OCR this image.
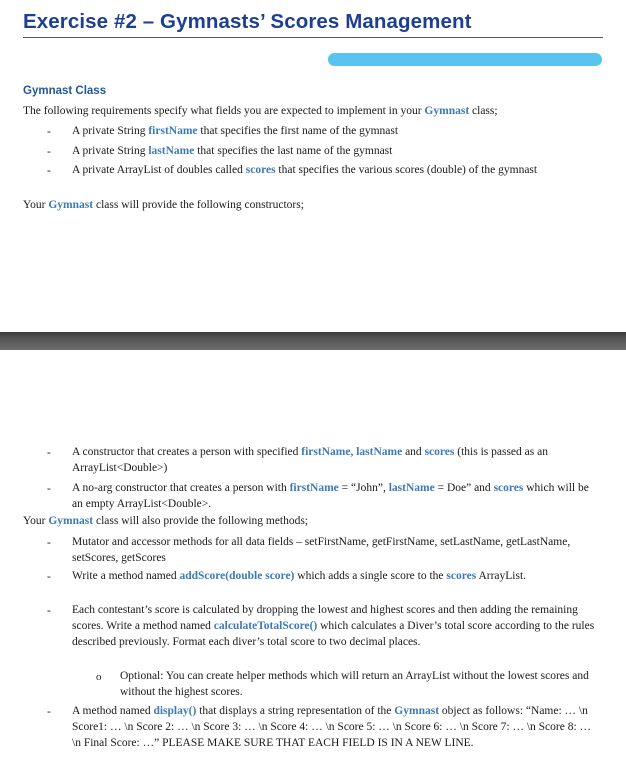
Exercise #2 – Gymnasts’ Scores Management
Gymnast Class
The following requirements specify what fields you are expected to implement in your Gymnast class;
- A private String firstName that specifies the first name of the gymnast
- A private String lastName that specifies the last name of the gymnast
- A private ArrayList of doubles called scores that specifies the various scores (double) of the gymnast
Your Gymnast class will provide the following constructors;
- A constructor that creates a person with specified firstName, lastName and scores (this is passed as an ArrayList<Double>)
- A no-arg constructor that creates a person with firstName = “John”, lastName = Doe” and scores which will be an empty ArrayList<Double>.
Your Gymnast class will also provide the following methods;
- Mutator and accessor methods for all data fields – setFirstName, getFirstName, setLastName, getLastName, setScores, getScores
- Write a method named addScore(double score) which adds a single score to the scores ArrayList.
- Each contestant’s score is calculated by dropping the lowest and highest scores and then adding the remaining scores. Write a method named calculateTotalScore() which calculates a Diver’s total score according to the rules described previously. Format each diver’s total score to two decimal places.
o Optional: You can create helper methods which will return an ArrayList without the lowest scores and without the highest scores.
- A method named display() that displays a string representation of the Gymnast object as follows: “Name: … \n Score1: … \n Score 2: … \n Score 3: … \n Score 4: … \n Score 5: … \n Score 6: … \n Score 7: … \n Score 8: … \n Final Score: …” PLEASE MAKE SURE THAT EACH FIELD IS IN A NEW LINE.
